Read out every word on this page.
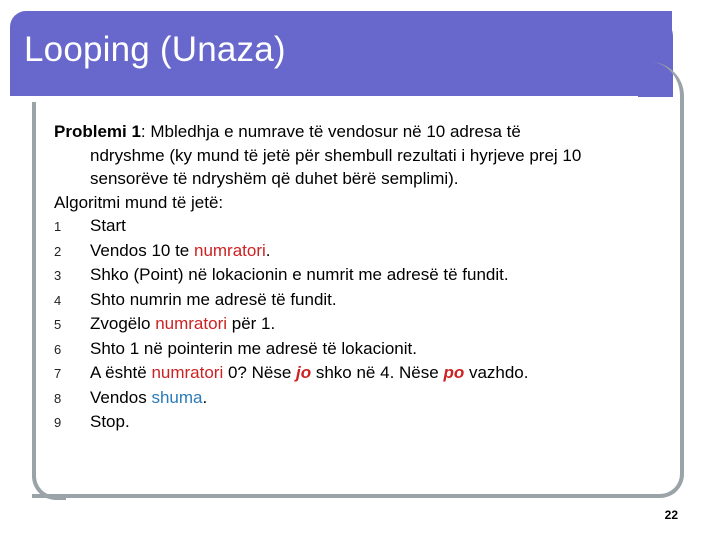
Looping (Unaza)
Problemi 1: Mbledhja e numrave të vendosur në 10 adresa të
ndryshme (ky mund të jetë për shembull rezultati i hyrjeve prej 10
sensorëve të ndryshëm që duhet bërë semplimi).
Algoritmi mund të jetë:
1	Start
2	Vendos 10 te numratori.
3	Shko (Point) në lokacionin e numrit me adresë të fundit.
4	Shto numrin me adresë të fundit.
5	Zvogëlo numratori për 1.
6	Shto 1 në pointerin me adresë të lokacionit.
7	A është numratori 0? Nëse jo shko në 4. Nëse po vazhdo.
8	Vendos shuma.
9	Stop.
22
